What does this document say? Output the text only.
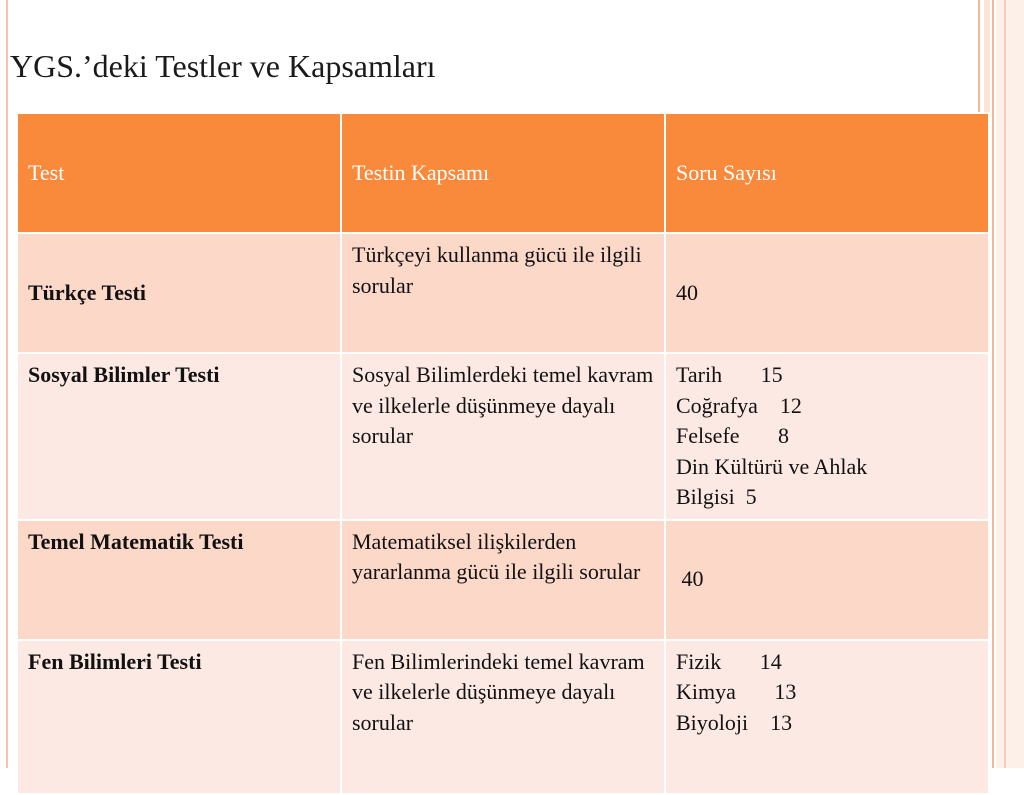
YGS.’deki Testler ve Kapsamları
Test	Testin Kapsamı	Soru Sayısı
Türkçe Testi	Türkçeyi kullanma gücü ile ilgili sorular	40

Sosyal Bilimler Testi	Sosyal Bilimlerdeki temel kavram ve ilkelerle düşünmeye dayalı sorular	Tarih       15
Coğrafya    12
Felsefe       8
Din Kültürü ve Ahlak
Bilgisi  5

Temel Matematik Testi	Matematiksel ilişkilerden yararlanma gücü ile ilgili sorular	40

Fen Bilimleri Testi	Fen Bilimlerindeki temel kavram ve ilkelerle düşünmeye dayalı sorular	Fizik       14
Kimya       13
Biyoloji    13
